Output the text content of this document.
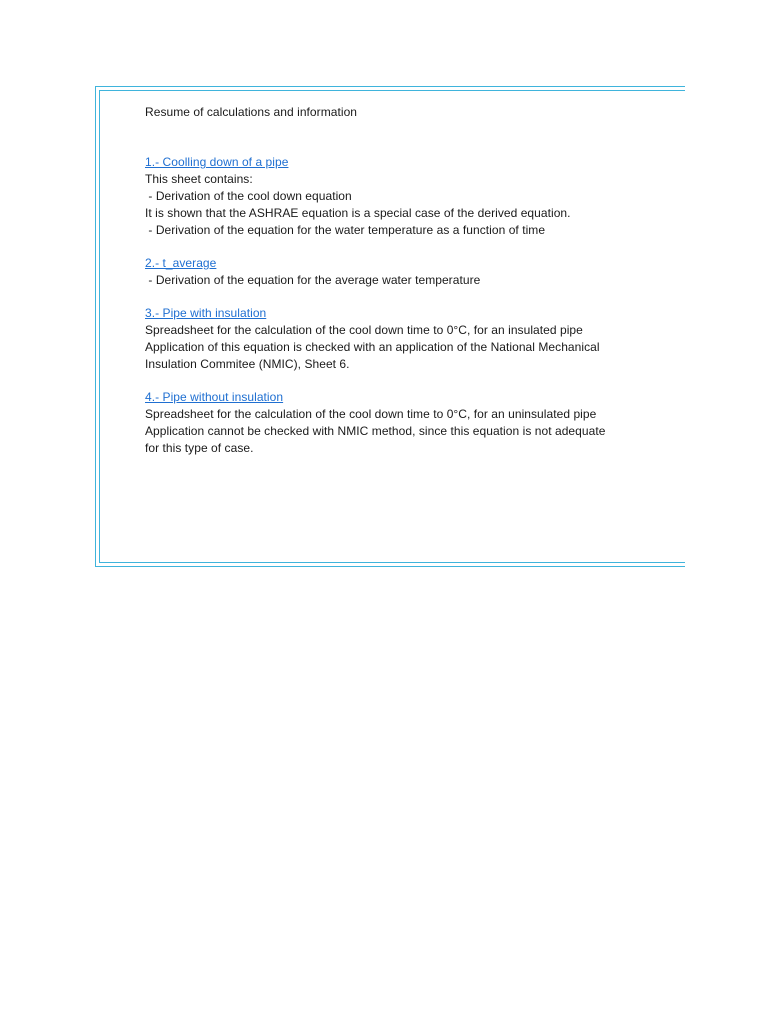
Resume of calculations and information
1.- Coolling down of a pipe
This sheet contains:
- Derivation of the cool down equation
It is shown that the ASHRAE equation is a special case of the derived equation.
- Derivation of the equation for the water temperature as a function of time
2.- t_average
- Derivation of the equation for the average water temperature
3.- Pipe with insulation
Spreadsheet for the calculation of the cool down time to 0°C, for an insulated pipe
Application of this equation is checked with an application of the National Mechanical
Insulation Commitee (NMIC), Sheet 6.
4.- Pipe without insulation
Spreadsheet for the calculation of the cool down time to 0°C, for an uninsulated pipe
Application cannot be checked with NMIC method, since this equation is not adequate
for this type of case.
